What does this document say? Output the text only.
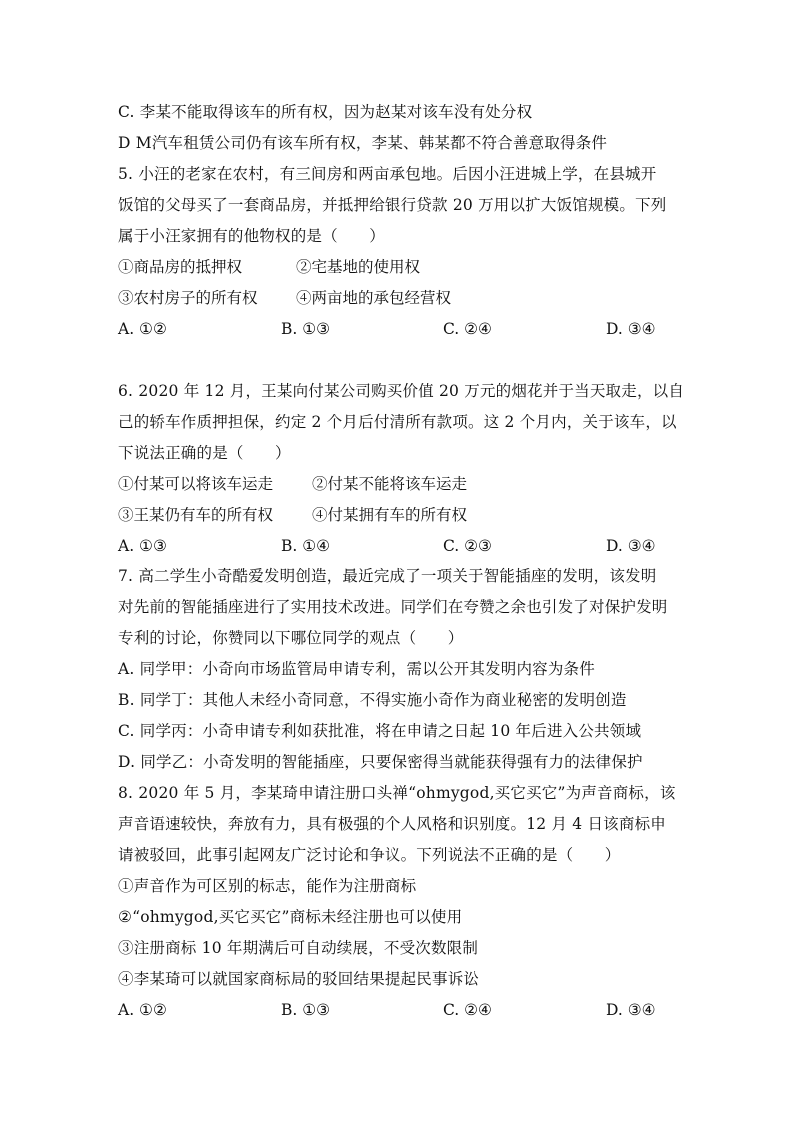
C. 李某不能取得该车的所有权，因为赵某对该车没有处分权
D M汽车租赁公司仍有该车所有权，李某、韩某都不符合善意取得条件
5. 小汪的老家在农村，有三间房和两亩承包地。后因小汪进城上学，在县城开
饭馆的父母买了一套商品房，并抵押给银行贷款 20 万用以扩大饭馆规模。下列
属于小汪家拥有的他物权的是（　　）
①商品房的抵押权	②宅基地的使用权
③农村房子的所有权 ④两亩地的承包经营权
A. ①②	B. ①③	C. ②④	D. ③④
6. 2020 年 12 月，王某向付某公司购买价值 20 万元的烟花并于当天取走，以自
己的轿车作质押担保，约定 2 个月后付清所有款项。这 2 个月内，关于该车，以
下说法正确的是（　　）
①付某可以将该车运走	②付某不能将该车运走
③王某仍有车的所有权	④付某拥有车的所有权
A. ①③	B. ①④	C. ②③	D. ③④
7. 高二学生小奇酷爱发明创造，最近完成了一项关于智能插座的发明，该发明
对先前的智能插座进行了实用技术改进。同学们在夸赞之余也引发了对保护发明
专利的讨论，你赞同以下哪位同学的观点（　　）
A. 同学甲：小奇向市场监管局申请专利，需以公开其发明内容为条件
B. 同学丁：其他人未经小奇同意，不得实施小奇作为商业秘密的发明创造
C. 同学丙：小奇申请专利如获批准，将在申请之日起 10 年后进入公共领域
D. 同学乙：小奇发明的智能插座，只要保密得当就能获得强有力的法律保护
8. 2020 年 5 月，李某琦申请注册口头禅“ohmygod,买它买它”为声音商标，该
声音语速较快，奔放有力，具有极强的个人风格和识别度。12 月 4 日该商标申
请被驳回，此事引起网友广泛讨论和争议。下列说法不正确的是（　　）
①声音作为可区别的标志，能作为注册商标
②“ohmygod,买它买它”商标未经注册也可以使用
③注册商标 10 年期满后可自动续展，不受次数限制
④李某琦可以就国家商标局的驳回结果提起民事诉讼
A. ①②	B. ①③	C. ②④	D. ③④
